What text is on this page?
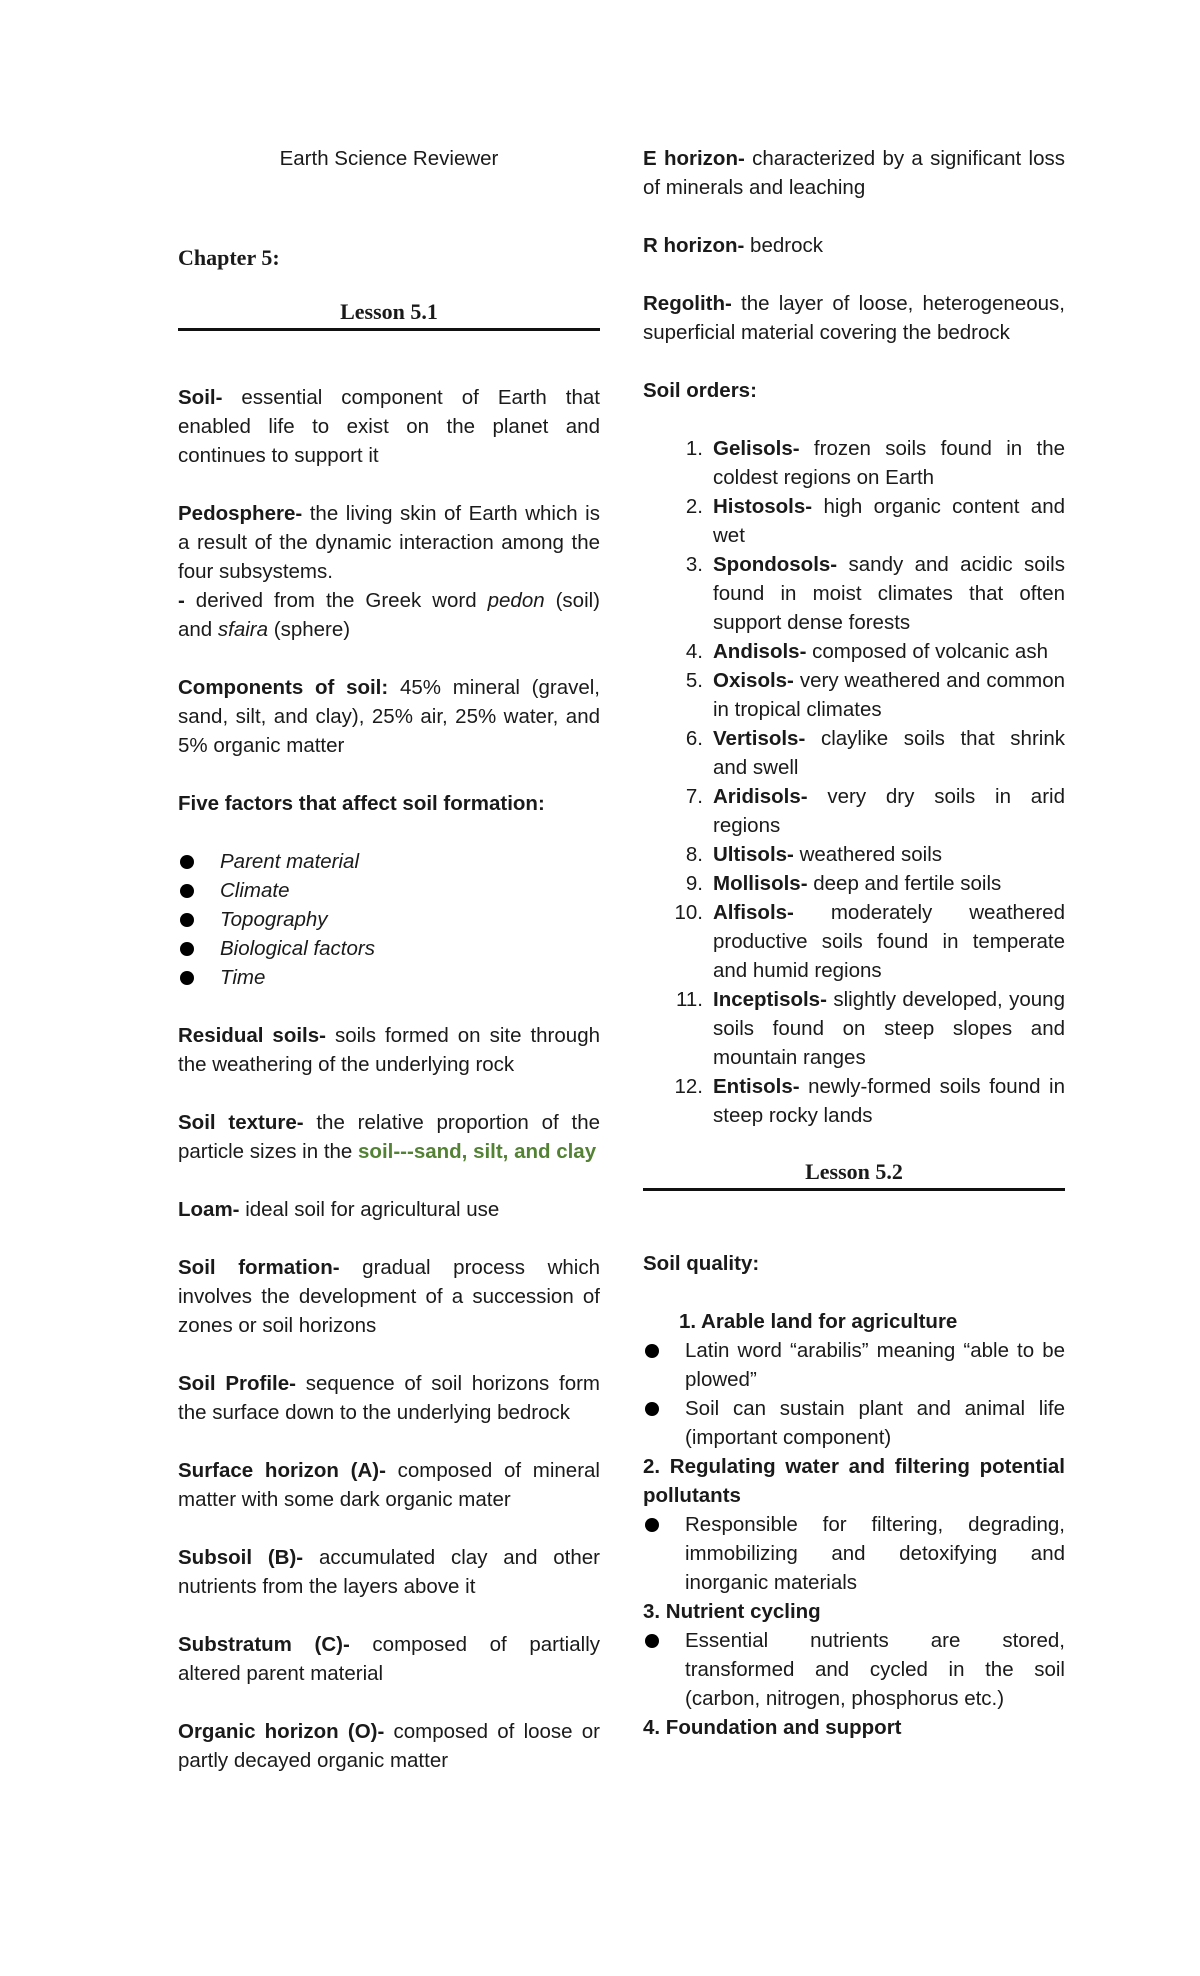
Earth Science Reviewer

Chapter 5:

Lesson 5.1

Soil- essential component of Earth that enabled life to exist on the planet and continues to support it

Pedosphere- the living skin of Earth which is a result of the dynamic interaction among the four subsystems.

- derived from the Greek word pedon (soil) and sfaira (sphere)

Components of soil: 45% mineral (gravel, sand, silt, and clay), 25% air, 25% water, and 5% organic matter

Five factors that affect soil formation:

Parent material
Climate
Topography
Biological factors
Time

Residual soils- soils formed on site through the weathering of the underlying rock

Soil texture- the relative proportion of the particle sizes in the soil---sand, silt, and clay

Loam- ideal soil for agricultural use

Soil formation- gradual process which involves the development of a succession of zones or soil horizons

Soil Profile- sequence of soil horizons form the surface down to the underlying bedrock

Surface horizon (A)- composed of mineral matter with some dark organic mater

Subsoil (B)- accumulated clay and other nutrients from the layers above it

Substratum (C)- composed of partially altered parent material

Organic horizon (O)- composed of loose or partly decayed organic matter

E horizon- characterized by a significant loss of minerals and leaching

R horizon- bedrock

Regolith- the layer of loose, heterogeneous, superficial material covering the bedrock

Soil orders:

1. Gelisols- frozen soils found in the coldest regions on Earth
2. Histosols- high organic content and wet
3. Spondosols- sandy and acidic soils found in moist climates that often support dense forests
4. Andisols- composed of volcanic ash
5. Oxisols- very weathered and common in tropical climates
6. Vertisols- claylike soils that shrink and swell
7. Aridisols- very dry soils in arid regions
8. Ultisols- weathered soils
9. Mollisols- deep and fertile soils
10. Alfisols- moderately weathered productive soils found in temperate and humid regions
11. Inceptisols- slightly developed, young soils found on steep slopes and mountain ranges
12. Entisols- newly-formed soils found in steep rocky lands
Lesson 5.2

Soil quality:

1. Arable land for agriculture

Latin word “arabilis” meaning “able to be plowed”
Soil can sustain plant and animal life (important component)

2. Regulating water and filtering potential pollutants

Responsible for filtering, degrading, immobilizing and detoxifying and inorganic materials

3. Nutrient cycling

Essential nutrients are stored, transformed and cycled in the soil (carbon, nitrogen, phosphorus etc.)

4. Foundation and support
